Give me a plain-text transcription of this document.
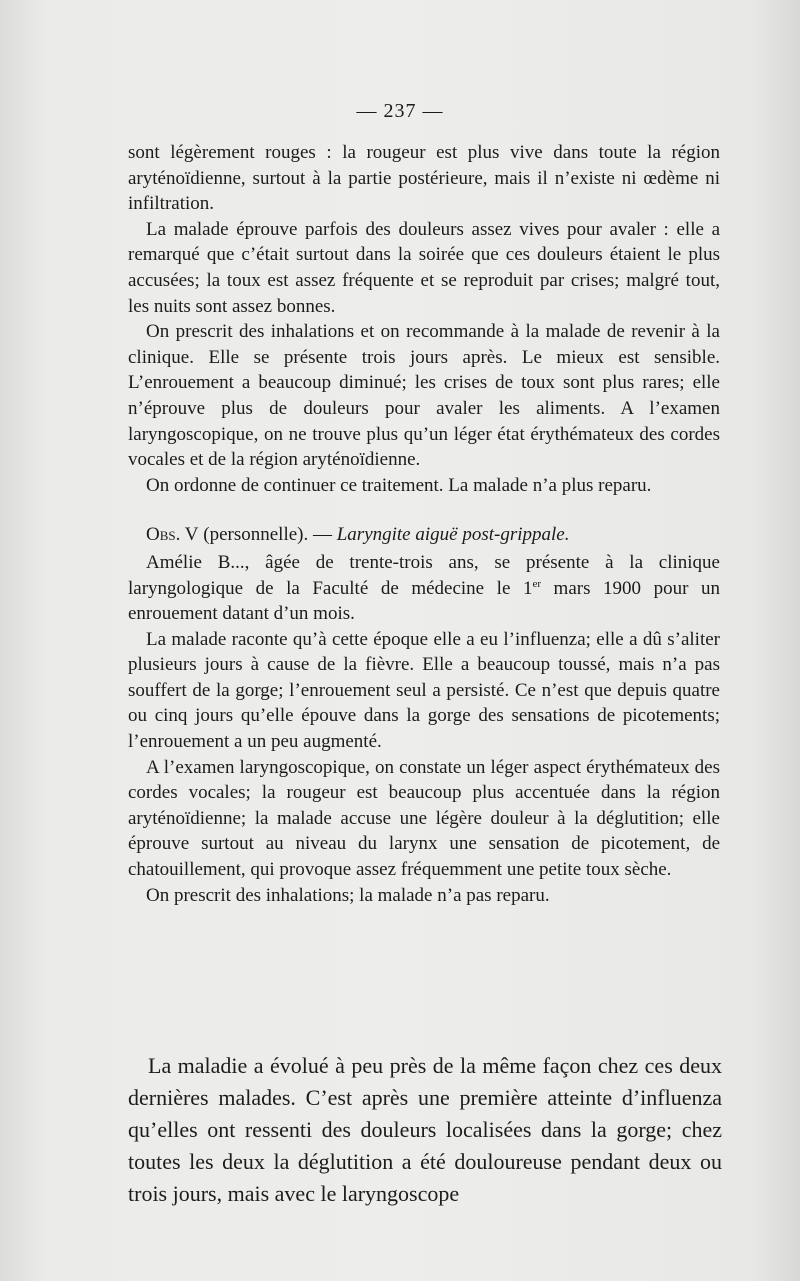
— 237 —

sont légèrement rouges : la rougeur est plus vive dans toute la région aryténoïdienne, surtout à la partie postérieure, mais il n’existe ni œdème ni infiltration.

La malade éprouve parfois des douleurs assez vives pour avaler : elle a remarqué que c’était surtout dans la soirée que ces douleurs étaient le plus accusées; la toux est assez fréquente et se reproduit par crises; malgré tout, les nuits sont assez bonnes.

On prescrit des inhalations et on recommande à la malade de revenir à la clinique. Elle se présente trois jours après. Le mieux est sensible. L’enrouement a beaucoup diminué; les crises de toux sont plus rares; elle n’éprouve plus de douleurs pour avaler les aliments. A l’examen laryngoscopique, on ne trouve plus qu’un léger état érythémateux des cordes vocales et de la région aryténoïdienne.

On ordonne de continuer ce traitement. La malade n’a plus reparu.

Obs. V (personnelle). — Laryngite aiguë post-grippale.

Amélie B..., âgée de trente-trois ans, se présente à la clinique laryngologique de la Faculté de médecine le 1er mars 1900 pour un enrouement datant d’un mois.

La malade raconte qu’à cette époque elle a eu l’influenza; elle a dû s’aliter plusieurs jours à cause de la fièvre. Elle a beaucoup toussé, mais n’a pas souffert de la gorge; l’enrouement seul a persisté. Ce n’est que depuis quatre ou cinq jours qu’elle épouve dans la gorge des sensations de picotements; l’enrouement a un peu augmenté.

A l’examen laryngoscopique, on constate un léger aspect érythémateux des cordes vocales; la rougeur est beaucoup plus accentuée dans la région aryténoïdienne; la malade accuse une légère douleur à la déglutition; elle éprouve surtout au niveau du larynx une sensation de picotement, de chatouillement, qui provoque assez fréquemment une petite toux sèche.

On prescrit des inhalations; la malade n’a pas reparu.

La maladie a évolué à peu près de la même façon chez ces deux dernières malades. C’est après une première atteinte d’influenza qu’elles ont ressenti des douleurs localisées dans la gorge; chez toutes les deux la déglutition a été douloureuse pendant deux ou trois jours, mais avec le laryngoscope
